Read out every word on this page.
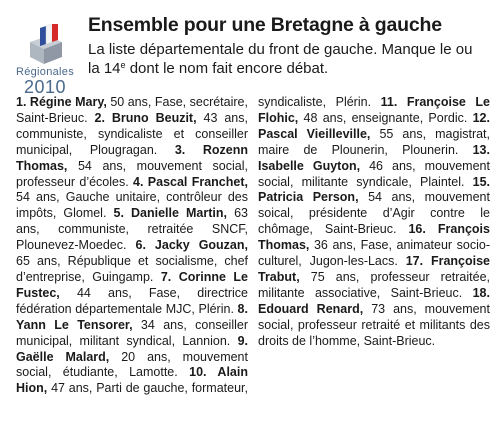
Régionales
2010
Ensemble pour une Bretagne à gauche

La liste départementale du front de gauche. Manque le ou la 14e dont le nom fait encore débat.

1. Régine Mary, 50 ans, Fase, secrétaire, Saint-Brieuc. 2. Bruno Beuzit, 43 ans, communiste, syndicaliste et conseiller municipal, Plougragan. 3. Rozenn Thomas, 54 ans, mouvement social, professeur d’écoles. 4. Pascal Franchet, 54 ans, Gauche unitaire, contrôleur des impôts, Glomel. 5. Danielle Martin, 63 ans, communiste, retraitée SNCF, Plounevez-Moedec. 6. Jacky Gouzan, 65 ans, République et socialisme, chef d’entreprise, Guingamp. 7. Corinne Le Fustec, 44 ans, Fase, directrice fédération départementale MJC, Plérin. 8. Yann Le Tensorer, 34 ans, conseiller municipal, militant syndical, Lannion. 9. Gaëlle Malard, 20 ans, mouvement social, étudiante, Lamotte. 10. Alain Hion, 47 ans, Parti de gauche, formateur, syndicaliste, Plérin. 11. Françoise Le Flohic, 48 ans, enseignante, Pordic. 12. Pascal Vieilleville, 55 ans, magistrat, maire de Plounerin, Plounerin. 13. Isabelle Guyton, 46 ans, mouvement social, militante syndicale, Plaintel. 15. Patricia Person, 54 ans, mouvement soical, présidente d’Agir contre le chômage, Saint-Brieuc. 16. François Thomas, 36 ans, Fase, animateur socio-culturel, Jugon-les-Lacs. 17. Françoise Trabut, 75 ans, professeur retraitée, militante associative, Saint-Brieuc. 18. Edouard Renard, 73 ans, mouvement social, professeur retraité et militants des droits de l’homme, Saint-Brieuc.
